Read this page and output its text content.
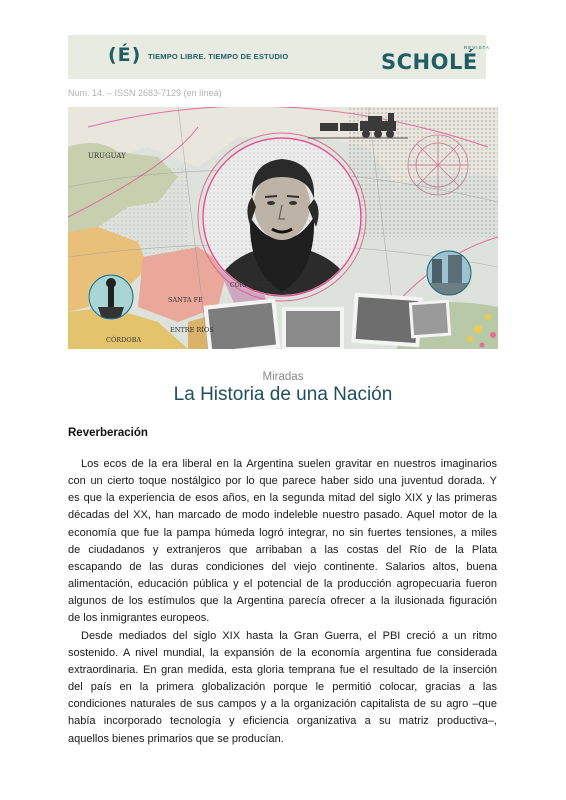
(É) TIEMPO LIBRE. TIEMPO DE ESTUDIO
REVISTA
SCHOLÉ
Num. 14. – ISSN 2683-7129 (en línea)
URUGUAY
CORRIENTES
SANTA FE
ENTRE RÍOS
CÓRDOBA
Miradas
La Historia de una Nación
Reverberación
Los ecos de la era liberal en la Argentina suelen gravitar en nuestros imaginarios
con un cierto toque nostálgico por lo que parece haber sido una juventud dorada. Y
es que la experiencia de esos años, en la segunda mitad del siglo XIX y las primeras
décadas del XX, han marcado de modo indeleble nuestro pasado. Aquel motor de la
economía que fue la pampa húmeda logró integrar, no sin fuertes tensiones, a miles
de ciudadanos y extranjeros que arribaban a las costas del Río de la Plata
escapando de las duras condiciones del viejo continente. Salarios altos, buena
alimentación, educación pública y el potencial de la producción agropecuaria fueron
algunos de los estímulos que la Argentina parecía ofrecer a la ilusionada figuración
de los inmigrantes europeos.
Desde mediados del siglo XIX hasta la Gran Guerra, el PBI creció a un ritmo
sostenido. A nivel mundial, la expansión de la economía argentina fue considerada
extraordinaria. En gran medida, esta gloria temprana fue el resultado de la inserción
del país en la primera globalización porque le permitió colocar, gracias a las
condiciones naturales de sus campos y a la organización capitalista de su agro –que
había incorporado tecnología y eficiencia organizativa a su matriz productiva–,
aquellos bienes primarios que se producían.
